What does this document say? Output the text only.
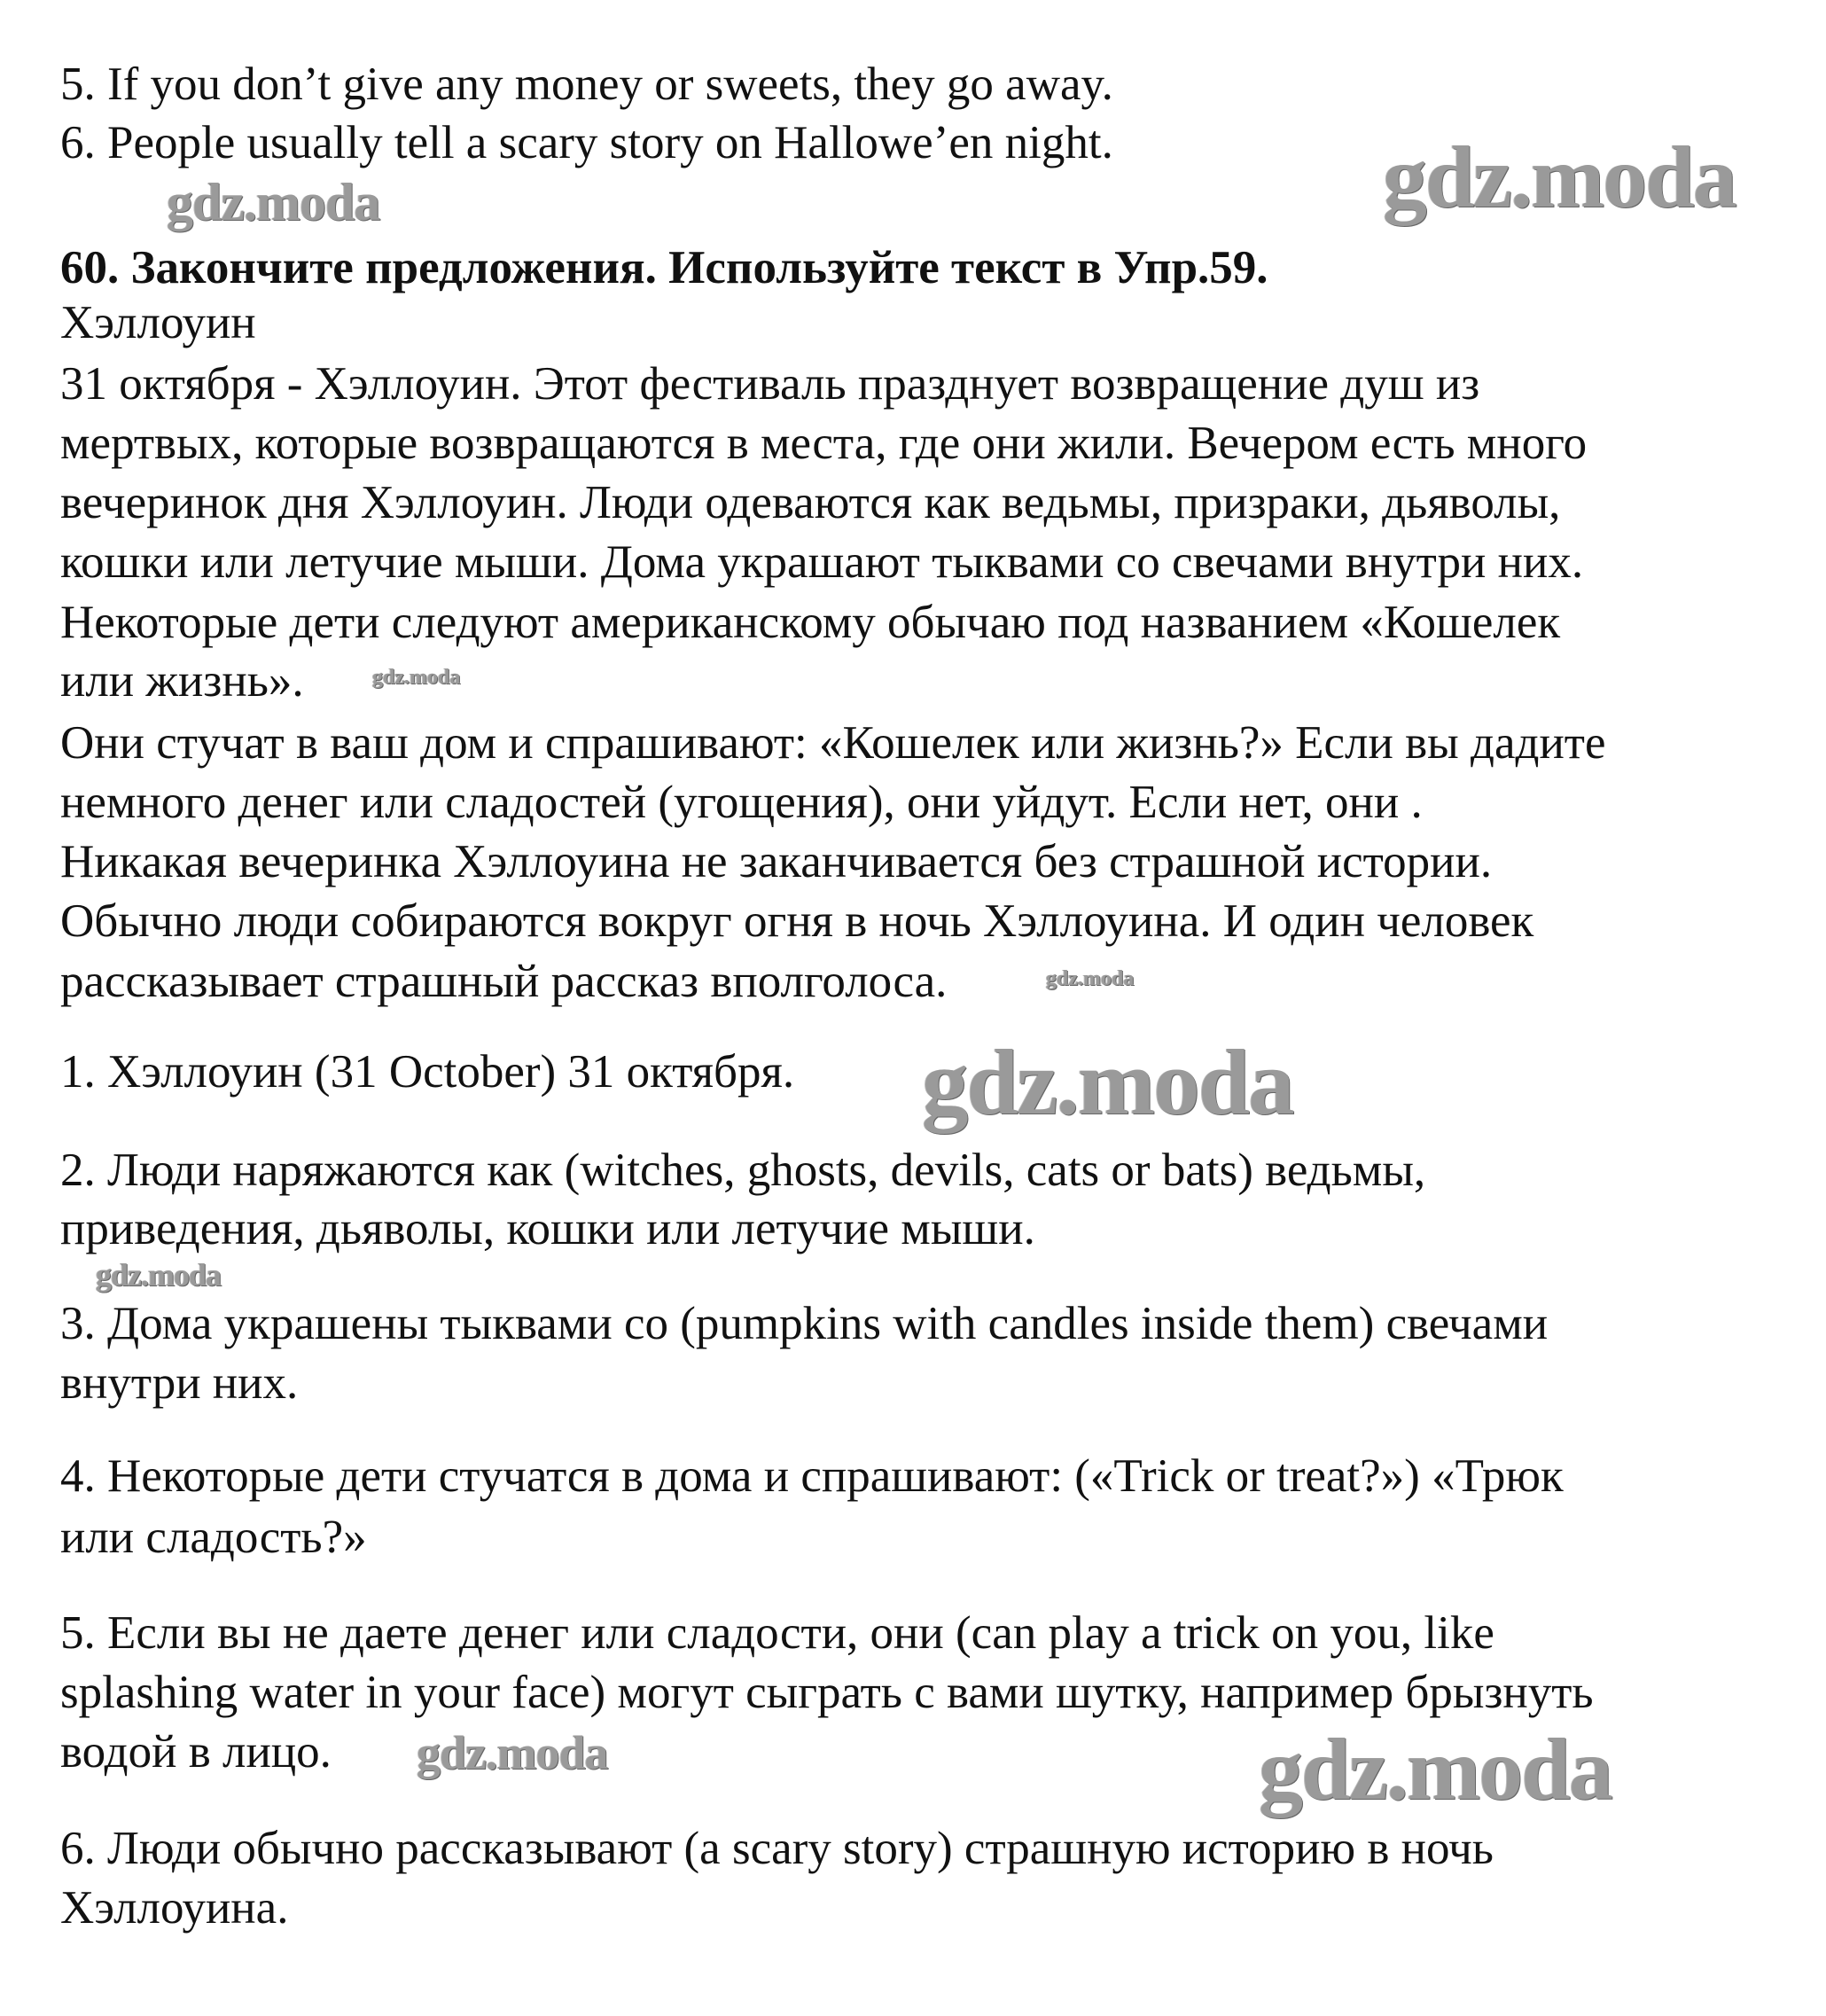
5. If you don’t give any money or sweets, they go away.
6. People usually tell a scary story on Hallowe’en night.
60. Закончите предложения. Используйте текст в Упр.59.
Хэллоуин
31 октября - Хэллоуин. Этот фестиваль празднует возвращение душ из
мертвых, которые возвращаются в места, где они жили. Вечером есть много
вечеринок дня Хэллоуин. Люди одеваются как ведьмы, призраки, дьяволы,
кошки или летучие мыши. Дома украшают тыквами со свечами внутри них.
Некоторые дети следуют американскому обычаю под названием «Кошелек
или жизнь».
Они стучат в ваш дом и спрашивают: «Кошелек или жизнь?» Если вы дадите
немного денег или сладостей (угощения), они уйдут. Если нет, они .
Никакая вечеринка Хэллоуина не заканчивается без страшной истории.
Обычно люди собираются вокруг огня в ночь Хэллоуина. И один человек
рассказывает страшный рассказ вполголоса.
1. Хэллоуин (31 October) 31 октября.
2. Люди наряжаются как (witches, ghosts, devils, cats or bats) ведьмы,
приведения, дьяволы, кошки или летучие мыши.
3. Дома украшены тыквами со (pumpkins with candles inside them) свечами
внутри них.
4. Некоторые дети стучатся в дома и спрашивают: («Trick or treat?») «Трюк
или сладость?»
5. Если вы не даете денег или сладости, они (can play a trick on you, like
splashing water in your face) могут сыграть с вами шутку, например брызнуть
водой в лицо.
6. Люди обычно рассказывают (a scary story) страшную историю в ночь
Хэллоуина.
gdz.moda
gdz.moda
gdz.moda
gdz.moda
gdz.moda
gdz.moda
gdz.moda	gdz.moda
